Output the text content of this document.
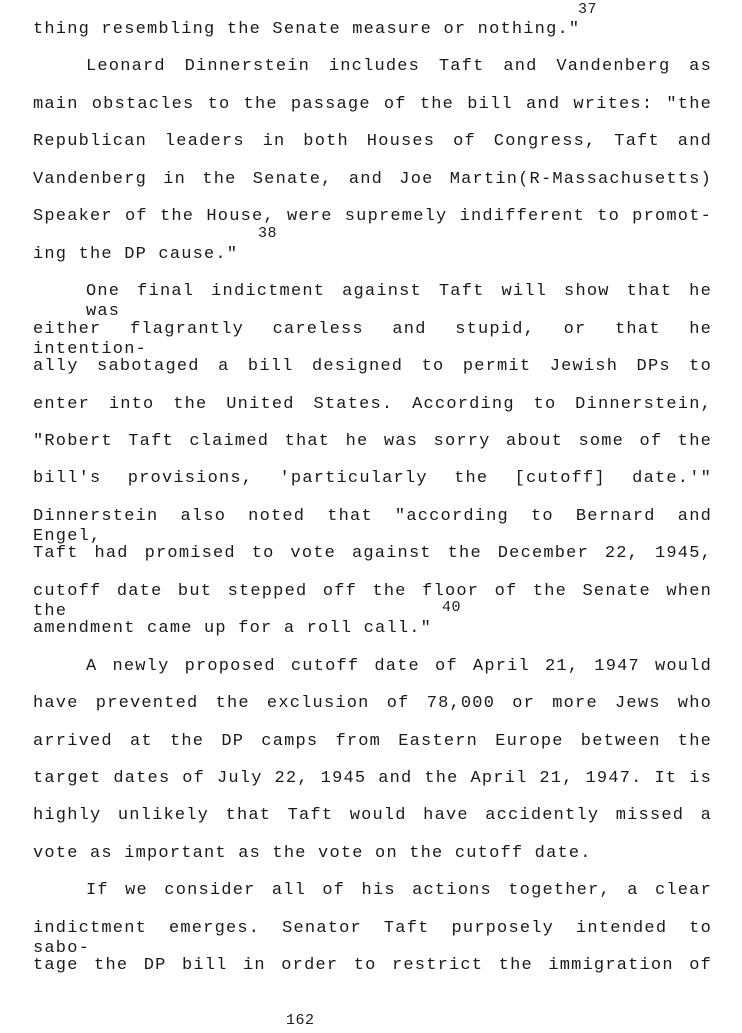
thing resembling the Senate measure or nothing."
Leonard Dinnerstein includes Taft and Vandenberg as
main obstacles to the passage of the bill and writes: "the
Republican leaders in both Houses of Congress, Taft and
Vandenberg in the Senate, and Joe Martin(R-Massachusetts)
Speaker of the House, were supremely indifferent to promot-
ing the DP cause."
One final indictment against Taft will show that he was
either flagrantly careless and stupid, or that he intention-
ally sabotaged a bill designed to permit Jewish DPs to
enter into the United States. According to Dinnerstein,
"Robert Taft claimed that he was sorry about some of the
bill's provisions, 'particularly the [cutoff] date.'"
Dinnerstein also noted that "according to Bernard and Engel,
Taft had promised to vote against the December 22, 1945,
cutoff date but stepped off the floor of the Senate when the
amendment came up for a roll call."
A newly proposed cutoff date of April 21, 1947 would
have prevented the exclusion of 78,000 or more Jews who
arrived at the DP camps from Eastern Europe between the
target dates of July 22, 1945 and the April 21, 1947. It is
highly unlikely that Taft would have accidently missed a
vote as important as the vote on the cutoff date.
If we consider all of his actions together, a clear
indictment emerges. Senator Taft purposely intended to sabo-
tage the DP bill in order to restrict the immigration of
37
38
40
162
